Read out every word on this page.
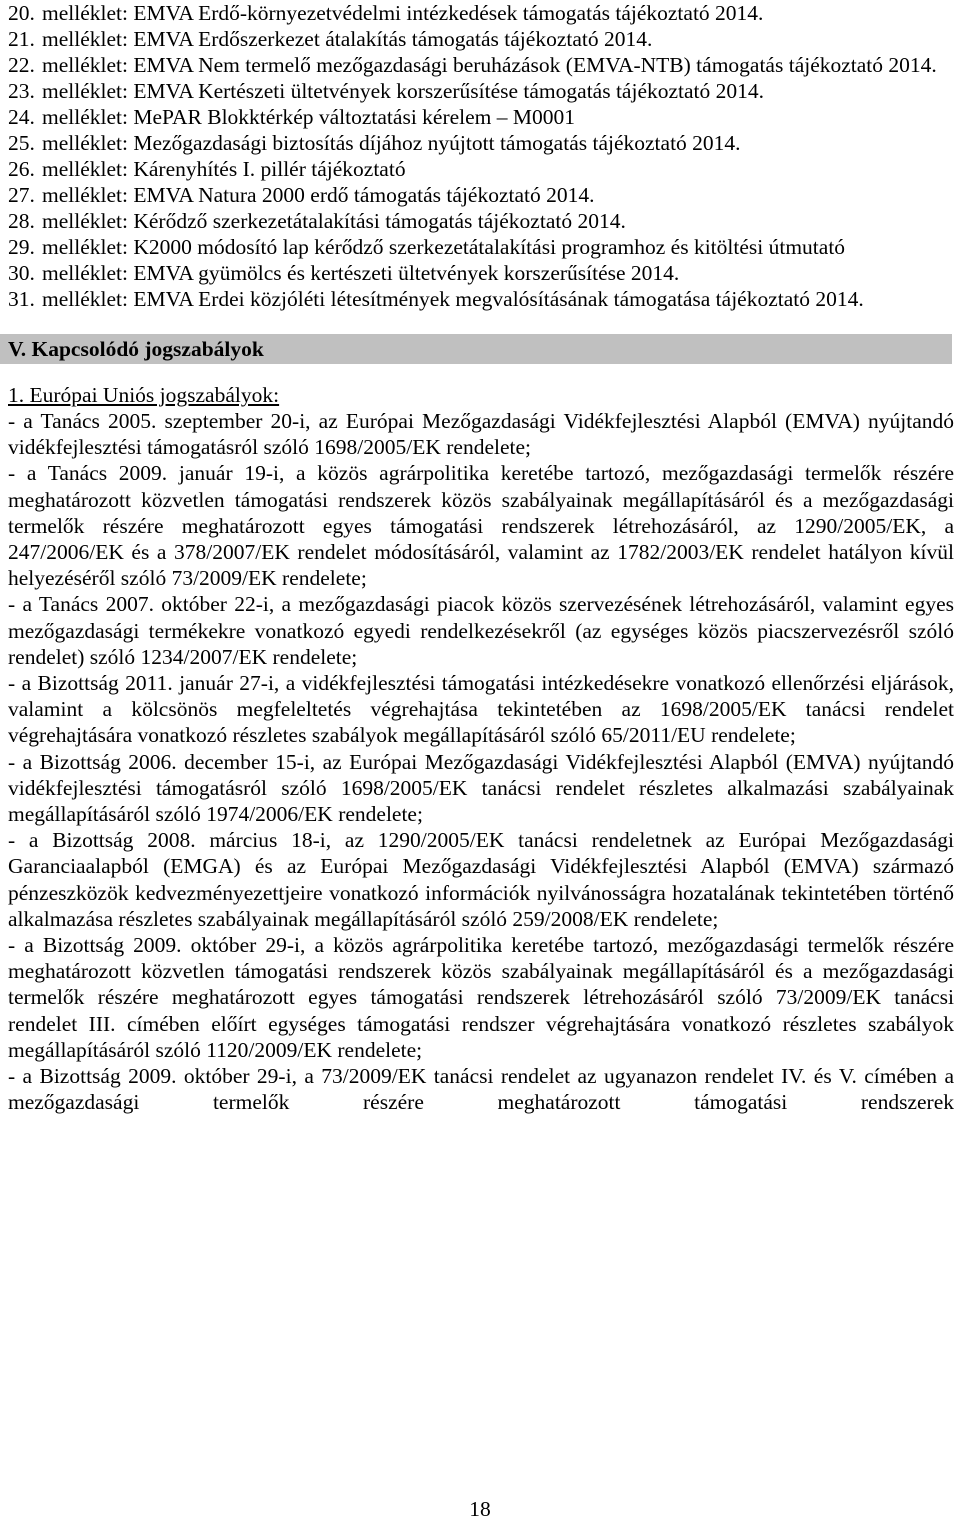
20. melléklet: EMVA Erdő-környezetvédelmi intézkedések támogatás tájékoztató 2014.
21. melléklet: EMVA Erdőszerkezet átalakítás támogatás tájékoztató 2014.
22. melléklet: EMVA Nem termelő mezőgazdasági beruházások (EMVA-NTB) támogatás tájékoztató 2014.
23. melléklet: EMVA Kertészeti ültetvények korszerűsítése támogatás tájékoztató 2014.
24. melléklet: MePAR Blokktérkép változtatási kérelem – M0001
25. melléklet: Mezőgazdasági biztosítás díjához nyújtott támogatás tájékoztató 2014.
26. melléklet: Kárenyhítés I. pillér tájékoztató
27. melléklet: EMVA Natura 2000 erdő támogatás tájékoztató 2014.
28. melléklet: Kérődző szerkezetátalakítási támogatás tájékoztató 2014.
29. melléklet: K2000 módosító lap kérődző szerkezetátalakítási programhoz és kitöltési útmutató
30. melléklet: EMVA gyümölcs és kertészeti ültetvények korszerűsítése 2014.
31. melléklet: EMVA Erdei közjóléti létesítmények megvalósításának támogatása tájékoztató 2014.
V. Kapcsolódó jogszabályok
1. Európai Uniós jogszabályok:
- a Tanács 2005. szeptember 20-i, az Európai Mezőgazdasági Vidékfejlesztési Alapból (EMVA) nyújtandó vidékfejlesztési támogatásról szóló 1698/2005/EK rendelete;
- a Tanács 2009. január 19-i, a közös agrárpolitika keretébe tartozó, mezőgazdasági termelők részére meghatározott közvetlen támogatási rendszerek közös szabályainak megállapításáról és a mezőgazdasági termelők részére meghatározott egyes támogatási rendszerek létrehozásáról, az 1290/2005/EK, a 247/2006/EK és a 378/2007/EK rendelet módosításáról, valamint az 1782/2003/EK rendelet hatályon kívül helyezéséről szóló 73/2009/EK rendelete;
- a Tanács 2007. október 22-i, a mezőgazdasági piacok közös szervezésének létrehozásáról, valamint egyes mezőgazdasági termékekre vonatkozó egyedi rendelkezésekről (az egységes közös piacszervezésről szóló rendelet) szóló 1234/2007/EK rendelete;
- a Bizottság 2011. január 27-i, a vidékfejlesztési támogatási intézkedésekre vonatkozó ellenőrzési eljárások, valamint a kölcsönös megfeleltetés végrehajtása tekintetében az 1698/2005/EK tanácsi rendelet végrehajtására vonatkozó részletes szabályok megállapításáról szóló 65/2011/EU rendelete;
- a Bizottság 2006. december 15-i, az Európai Mezőgazdasági Vidékfejlesztési Alapból (EMVA) nyújtandó vidékfejlesztési támogatásról szóló 1698/2005/EK tanácsi rendelet részletes alkalmazási szabályainak megállapításáról szóló 1974/2006/EK rendelete;
- a Bizottság 2008. március 18-i, az 1290/2005/EK tanácsi rendeletnek az Európai Mezőgazdasági Garanciaalapból (EMGA) és az Európai Mezőgazdasági Vidékfejlesztési Alapból (EMVA) származó pénzeszközök kedvezményezettjeire vonatkozó információk nyilvánosságra hozatalának tekintetében történő alkalmazása részletes szabályainak megállapításáról szóló 259/2008/EK rendelete;
- a Bizottság 2009. október 29-i, a közös agrárpolitika keretébe tartozó, mezőgazdasági termelők részére meghatározott közvetlen támogatási rendszerek közös szabályainak megállapításáról és a mezőgazdasági termelők részére meghatározott egyes támogatási rendszerek létrehozásáról szóló 73/2009/EK tanácsi rendelet III. címében előírt egységes támogatási rendszer végrehajtására vonatkozó részletes szabályok megállapításáról szóló 1120/2009/EK rendelete;
- a Bizottság 2009. október 29-i, a 73/2009/EK tanácsi rendelet az ugyanazon rendelet IV. és V. címében a mezőgazdasági termelők részére meghatározott támogatási rendszerek
18
